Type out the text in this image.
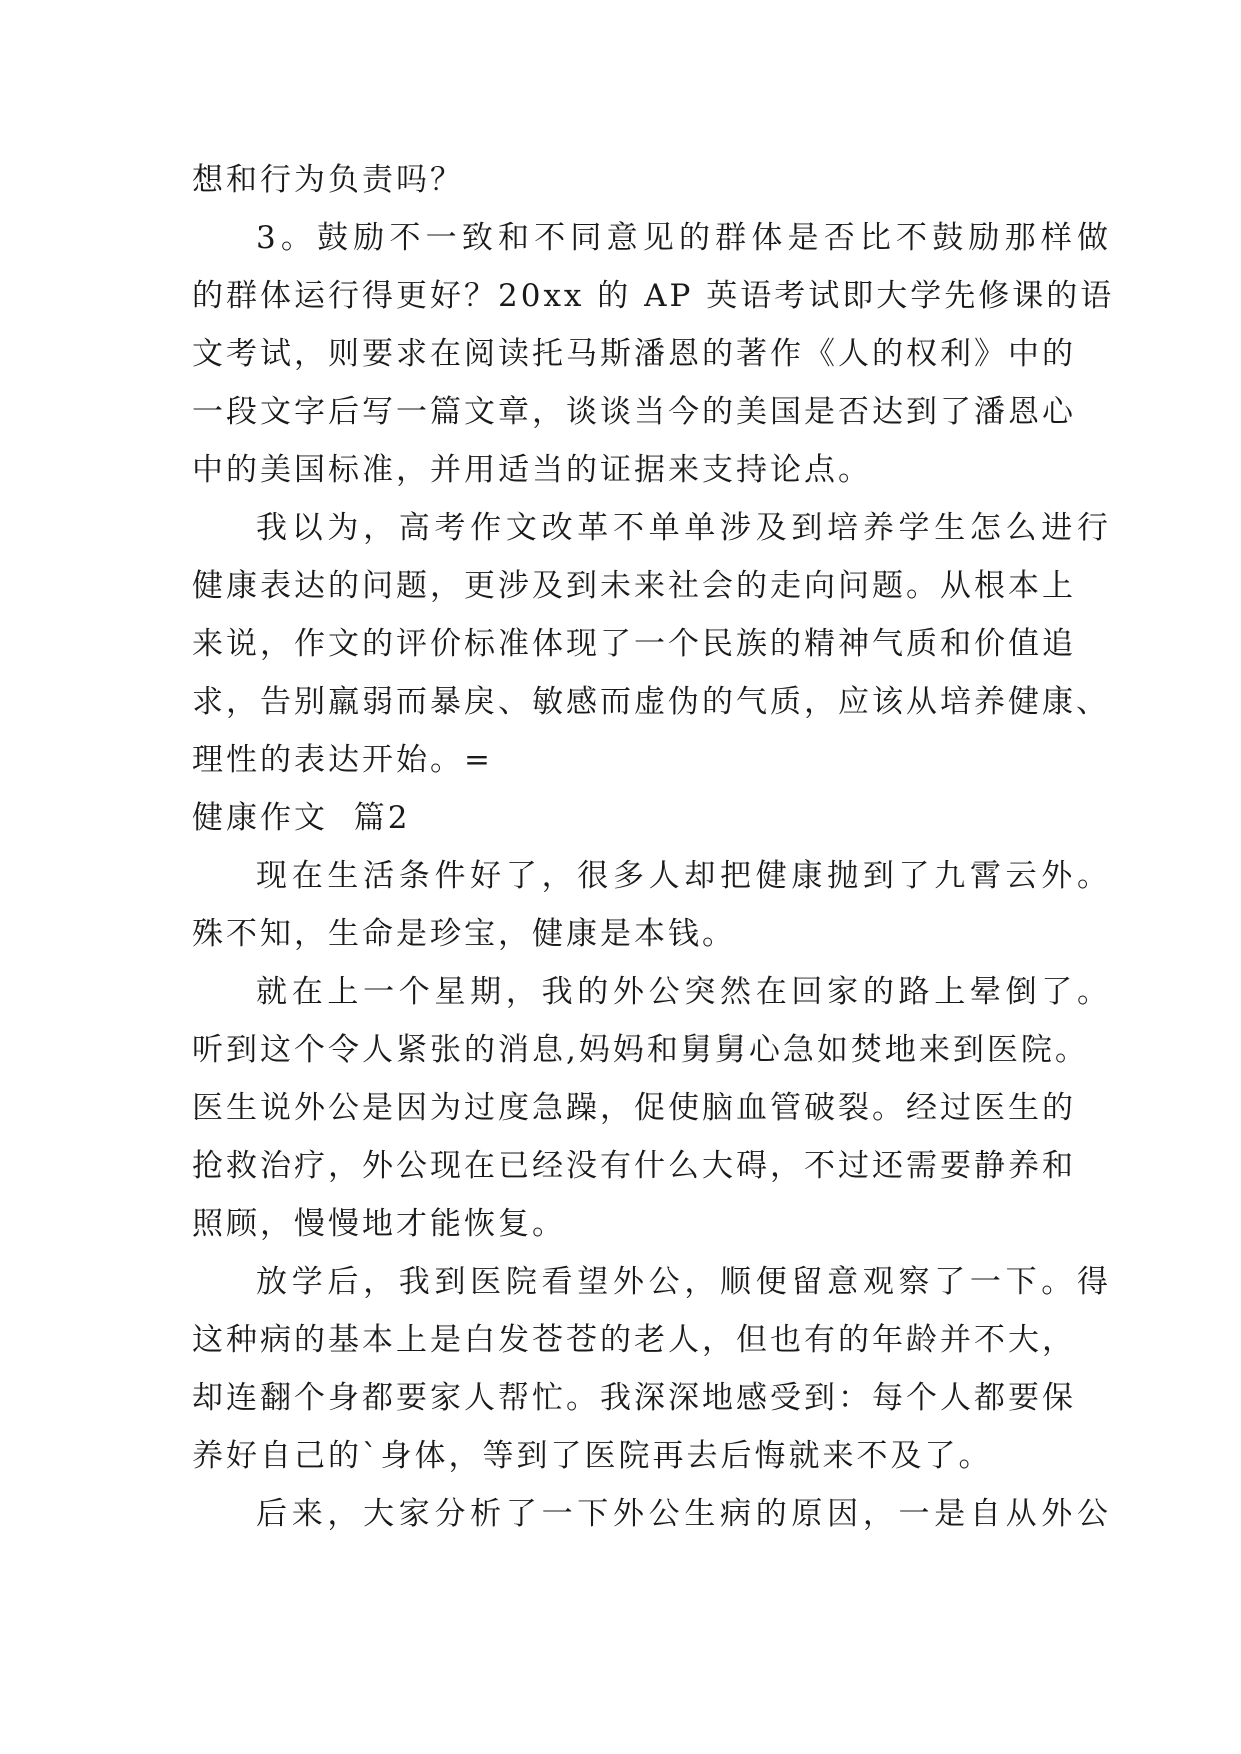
想和行为负责吗？
3。鼓励不一致和不同意见的群体是否比不鼓励那样做
的群体运行得更好？20xx 的 AP 英语考试即大学先修课的语
文考试，则要求在阅读托马斯潘恩的著作《人的权利》中的
一段文字后写一篇文章，谈谈当今的美国是否达到了潘恩心
中的美国标准，并用适当的证据来支持论点。
我以为，高考作文改革不单单涉及到培养学生怎么进行
健康表达的问题，更涉及到未来社会的走向问题。从根本上
来说，作文的评价标准体现了一个民族的精神气质和价值追
求，告别羸弱而暴戾、敏感而虚伪的气质，应该从培养健康、
理性的表达开始。=
健康作文  篇2
现在生活条件好了，很多人却把健康抛到了九霄云外。
殊不知，生命是珍宝，健康是本钱。
就在上一个星期，我的外公突然在回家的路上晕倒了。
听到这个令人紧张的消息,妈妈和舅舅心急如焚地来到医院。
医生说外公是因为过度急躁，促使脑血管破裂。经过医生的
抢救治疗，外公现在已经没有什么大碍，不过还需要静养和
照顾，慢慢地才能恢复。
放学后，我到医院看望外公，顺便留意观察了一下。得
这种病的基本上是白发苍苍的老人，但也有的年龄并不大，
却连翻个身都要家人帮忙。我深深地感受到：每个人都要保
养好自己的`身体，等到了医院再去后悔就来不及了。
后来，大家分析了一下外公生病的原因，一是自从外公
